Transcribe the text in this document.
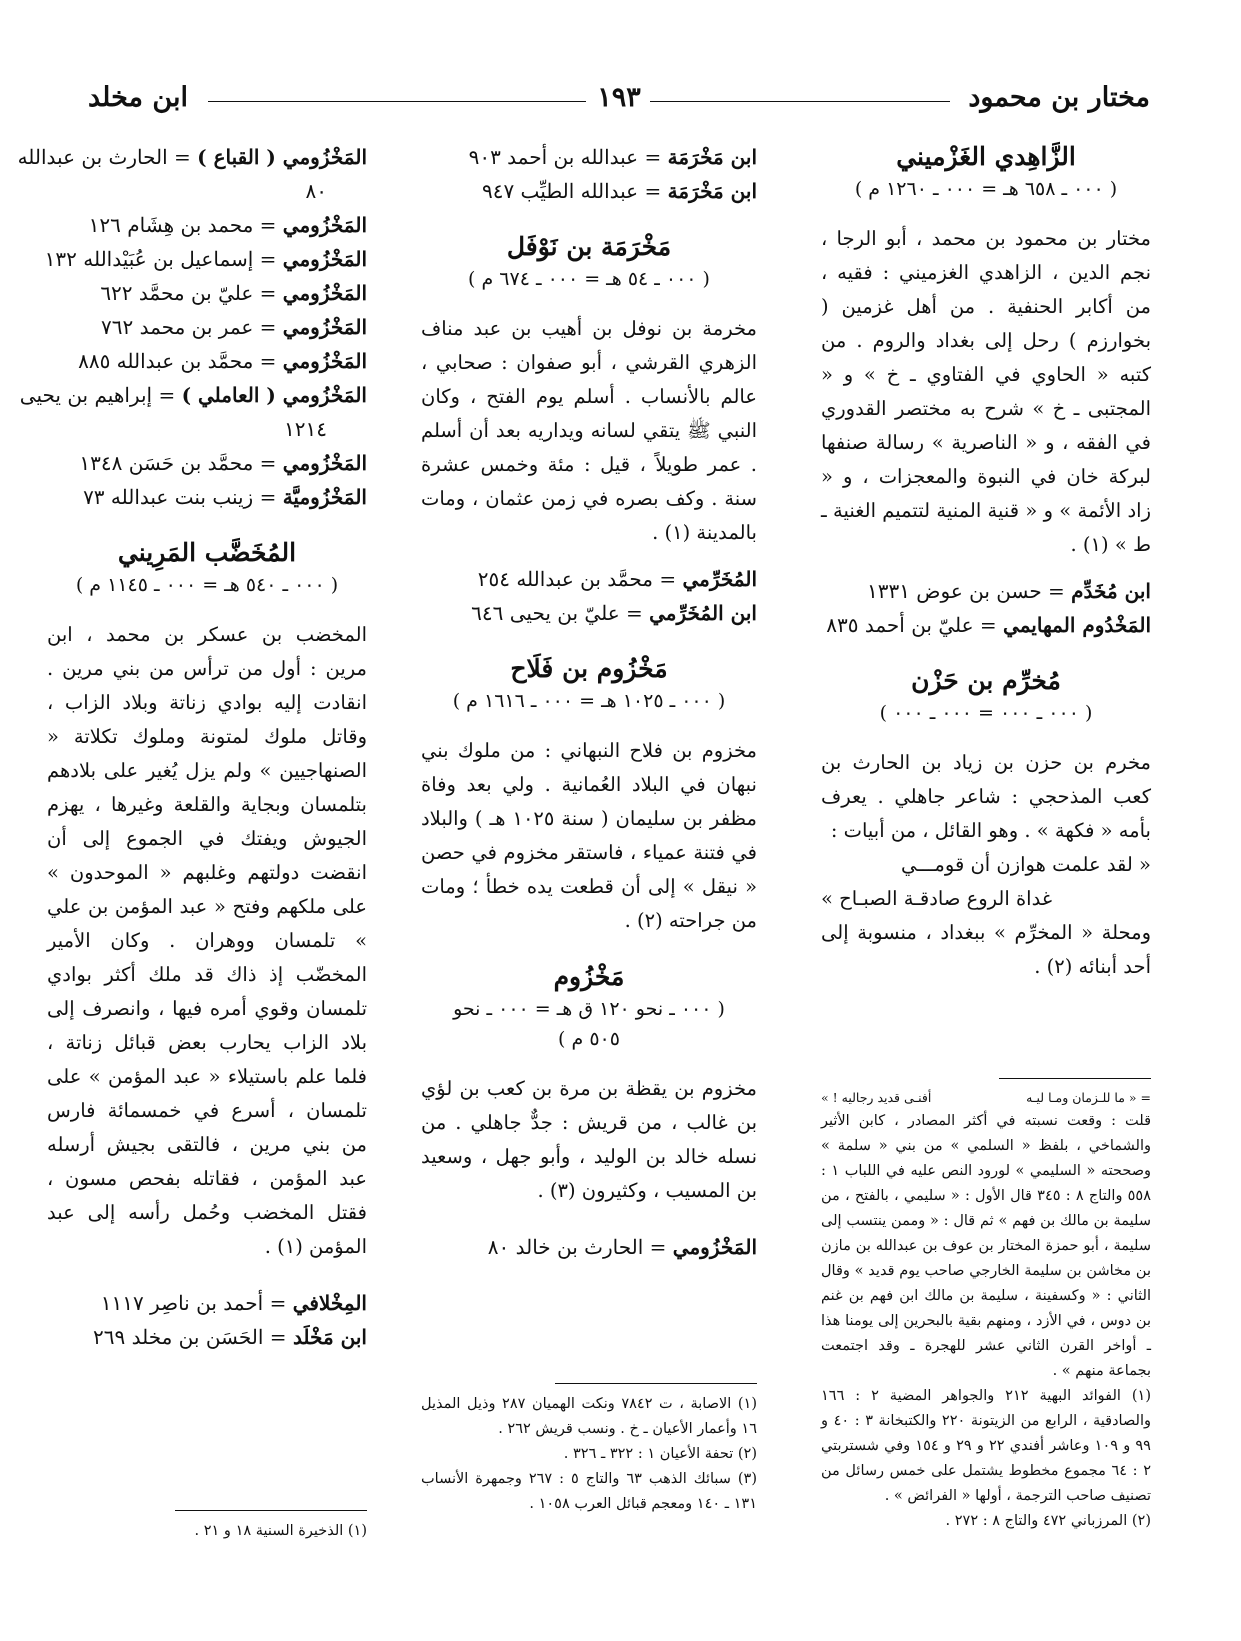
مختار بن محمود
١٩٣
ابن مخلد

الزَّاهِدي الغَزْميني

( ٠٠٠ ـ ٦٥٨ هـ = ٠٠٠ ـ ١٢٦٠ م )

مختار بن محمود بن محمد ، أبو الرجا ، نجم الدين ، الزاهدي الغزميني : فقيه ، من أكابر الحنفية . من أهل غزمين ( بخوارزم ) رحل إلى بغداد والروم . من كتبه « الحاوي في الفتاوي ـ خ » و « المجتبى ـ خ » شرح به مختصر القدوري في الفقه ، و « الناصرية » رسالة صنفها لبركة خان في النبوة والمعجزات ، و « زاد الأئمة » و « قنية المنية لتتميم الغنية ـ ط » (١) .

ابن مُخَدِّم = حسن بن عوض ١٣٣١

المَخْدُوم المهايمي = عليّ بن أحمد ٨٣٥

مُخرِّم بن حَزْن

( ٠٠٠ ـ ٠٠٠ = ٠٠٠ ـ ٠٠٠ )

مخرم بن حزن بن زياد بن الحارث بن كعب المذحجي : شاعر جاهلي . يعرف بأمه « فكهة » . وهو القائل ، من أبيات :

« لقد علمت هوازن أن قومـــي

غداة الروع صادقـة الصبـاح »

ومحلة « المخرِّم » ببغداد ، منسوبة إلى أحد أبنائه (٢) .

= « ما للـزمان ومـا ليـه
أفنـى قديد رجاليه ! »

قلت : وقعت نسبته في أكثر المصادر ، كابن الأثير والشماخي ، بلفظ « السلمي » من بني « سلمة » وصححته « السليمي » لورود النص عليه في اللباب ١ : ٥٥٨ والتاج ٨ : ٣٤٥ قال الأول : « سليمي ، بالفتح ، من سليمة بن مالك بن فهم » ثم قال : « وممن ينتسب إلى سليمة ، أبو حمزة المختار بن عوف بن عبدالله بن مازن بن مخاشن بن سليمة الخارجي صاحب يوم قديد » وقال الثاني : « وكسفينة ، سليمة بن مالك ابن فهم بن غنم بن دوس ، في الأزد ، ومنهم بقية بالبحرين إلى يومنا هذا ـ أواخر القرن الثاني عشر للهجرة ـ وقد اجتمعت بجماعة منهم » .

(١) الفوائد البهية ٢١٢ والجواهر المضية ٢ : ١٦٦ والصادقية ، الرابع من الزيتونة ٢٢٠ والكتبخانة ٣ : ٤٠ و ٩٩ و ١٠٩ وعاشر أفندي ٢٢ و ٢٩ و ١٥٤ وفي شستربتي ٢ : ٦٤ مجموع مخطوط يشتمل على خمس رسائل من تصنيف صاحب الترجمة ، أولها « الفرائض » .

(٢) المرزباني ٤٧٢ والتاج ٨ : ٢٧٢ .

ابن مَخْرَمَة = عبدالله بن أحمد ٩٠٣

ابن مَخْرَمَة = عبدالله الطيِّب ٩٤٧

مَخْرَمَة بن نَوْفَل

( ٠٠٠ ـ ٥٤ هـ = ٠٠٠ ـ ٦٧٤ م )

مخرمة بن نوفل بن أهيب بن عبد مناف الزهري القرشي ، أبو صفوان : صحابي ، عالم بالأنساب . أسلم يوم الفتح ، وكان النبي ﷺ يتقي لسانه ويداريه بعد أن أسلم . عمر طويلاً ، قيل : مئة وخمس عشرة سنة . وكف بصره في زمن عثمان ، ومات بالمدينة (١) .

المُخَرِّمي = محمَّد بن عبدالله ٢٥٤

ابن المُخَرِّمي = عليّ بن يحيى ٦٤٦

مَخْزُوم بن فَلَاح

( ٠٠٠ ـ ١٠٢٥ هـ = ٠٠٠ ـ ١٦١٦ م )

مخزوم بن فلاح النبهاني : من ملوك بني نبهان في البلاد العُمانية . ولي بعد وفاة مظفر بن سليمان ( سنة ١٠٢٥ هـ ) والبلاد في فتنة عمياء ، فاستقر مخزوم في حصن « نيقل » إلى أن قطعت يده خطأ ؛ ومات من جراحته (٢) .

مَخْزُوم

( ٠٠٠ ـ نحو ١٢٠ ق هـ = ٠٠٠ ـ نحو

٥٠٥ م )

مخزوم بن يقظة بن مرة بن كعب بن لؤي بن غالب ، من قريش : جدٌّ جاهلي . من نسله خالد بن الوليد ، وأبو جهل ، وسعيد بن المسيب ، وكثيرون (٣) .

المَخْزُومي = الحارث بن خالد ٨٠

(١) الاصابة ، ت ٧٨٤٢ ونكت الهميان ٢٨٧ وذيل المذيل ١٦ وأعمار الأعيان ـ خ . ونسب قريش ٢٦٢ .

(٢) تحفة الأعيان ١ : ٣٢٢ ـ ٣٢٦ .

(٣) سبائك الذهب ٦٣ والتاج ٥ : ٢٦٧ وجمهرة الأنساب ١٣١ ـ ١٤٠ ومعجم قبائل العرب ١٠٥٨ .

المَخْزُومي ( القباع ) = الحارث بن عبدالله

٨٠

المَخْزُومي = محمد بن هِشَام ١٢٦

المَخْزُومي = إسماعيل بن عُبَيْدالله ١٣٢

المَخْزُومي = عليّ بن محمَّد ٦٢٢

المَخْزُومي = عمر بن محمد ٧٦٢

المَخْزُومي = محمَّد بن عبدالله ٨٨٥

المَخْزُومي ( العاملي ) = إبراهيم بن يحيى

١٢١٤

المَخْزُومي = محمَّد بن حَسَن ١٣٤٨

المَخْزُوميَّة = زينب بنت عبدالله ٧٣

المُخَضَّب المَرِيني

( ٠٠٠ ـ ٥٤٠ هـ = ٠٠٠ ـ ١١٤٥ م )

المخضب بن عسكر بن محمد ، ابن مرين : أول من ترأس من بني مرين . انقادت إليه بوادي زناتة وبلاد الزاب ، وقاتل ملوك لمتونة وملوك تكلاتة « الصنهاجيين » ولم يزل يُغير على بلادهم بتلمسان وبجاية والقلعة وغيرها ، يهزم الجيوش ويفتك في الجموع إلى أن انقضت دولتهم وغلبهم « الموحدون » على ملكهم وفتح « عبد المؤمن بن علي » تلمسان ووهران . وكان الأمير المخضّب إذ ذاك قد ملك أكثر بوادي تلمسان وقوي أمره فيها ، وانصرف إلى بلاد الزاب يحارب بعض قبائل زناتة ، فلما علم باستيلاء « عبد المؤمن » على تلمسان ، أسرع في خمسمائة فارس من بني مرين ، فالتقى بجيش أرسله عبد المؤمن ، فقاتله بفحص مسون ، فقتل المخضب وحُمل رأسه إلى عبد المؤمن (١) .

المِخْلافي = أحمد بن ناصِر ١١١٧

ابن مَخْلَد = الحَسَن بن مخلد ٢٦٩

(١) الذخيرة السنية ١٨ و ٢١ .
